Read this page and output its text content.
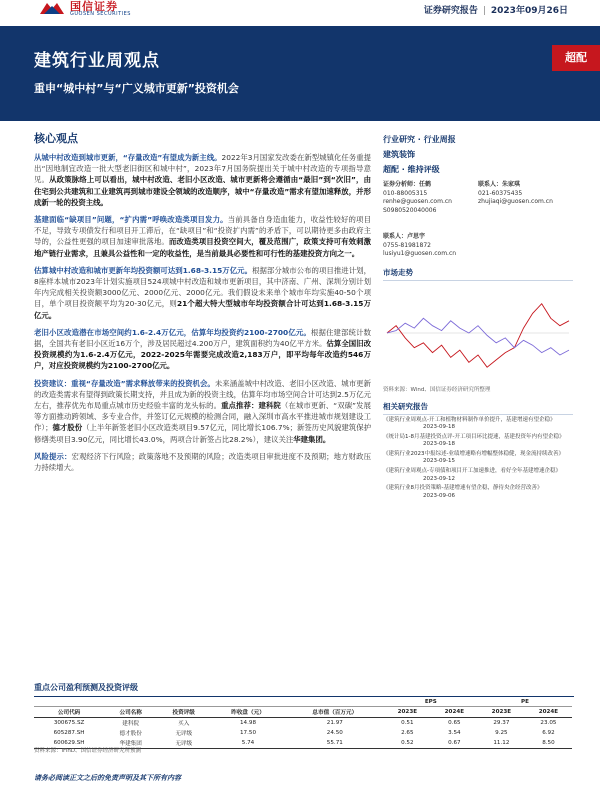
国信证券
GUOSEN SECURITIES	证券研究报告 | 2023年09月26日
建筑行业周观点
重申“城中村”与“广义城市更新”投资机会
超配
核心观点

从城中村改造到城市更新，“存量改造”有望成为新主线。2022年3月国家发改委在新型城镇化任务重提出“因地制宜改造一批大型老旧街区和城中村”，2023年7月国务院提出关于城中村改造的专项指导意见。从政策脉络上可以看出，城中村改造、老旧小区改造、城市更新将会遵循由“最旧”到“次旧”，由住宅到公共建筑和工业建筑再到城市建设全领域的改造顺序，城中“存量改造”需求有望加速释放，并形成新一轮的投资主线。

基建面临“缺项目”问题，“扩内需”呼唤改造类项目发力。当前具备自身造血能力，收益性较好的项目不足，导致专项债发行和项目开工滞后，在“缺项目”和“投资扩内需”的矛盾下，可以期待更多由政府主导的，公益性更强的项目加速审批落地。而改造类项目投资空间大，覆及范围广，政策支持可有效刺激地产链行业需求，且兼具公益性和一定的收益性，是当前最具必要性和可行性的基建投资方向之一。

估算城中村改造和城市更新年均投资额可达到1.68-3.15万亿元。根据部分城市公布的项目推进计划，8座样本城市2023年计划实施项目524项城中村改造和城市更新项目，其中济南、广州、深圳分别计划年内完成相关投资额3000亿元、2000亿元、2000亿元。我们假设未来单个城市年均实施40-50个项目，单个项目投资额平均为20-30亿元，则21个超大特大型城市年均投资额合计可达到1.68-3.15万亿元。

老旧小区改造潜在市场空间约1.6-2.4万亿元，估算年均投资约2100-2700亿元。根据住建部统计数据，全国共有老旧小区近16万个，涉及居民超过4.200万户，建筑面积约为40亿平方米。估算全国旧改投资规模约为1.6-2.4万亿元，2022-2025年需要完成改造2,183万户，即平均每年改造约546万户，对应投资规模约为2100-2700亿元。

投资建议：重视“存量改造”需求释放带来的投资机会。未来涵盖城中村改造、老旧小区改造、城市更新的改造类需求有望得到政策长期支持，并且成为新的投资主线，估算年均市场空间合计可达到2.5万亿元左右，推荐优先布局重点城市历史经验丰富的龙头标的。重点推荐：建科院（在城市更新、“双碳”发展等方面推动跨领域、多专业合作，并签订亿元规模的检测合同，融入深圳市高水平推进城市规划建设工作）；德才股份（上半年新签老旧小区改造类项目9.57亿元，同比增长106.7%；新签历史风貌建筑保护修缮类项目3.90亿元，同比增长43.0%，两项合计新签占比28.2%），建议关注华建集团。

风险提示：宏观经济下行风险；政策落地不及预期的风险；改造类项目审批进度不及预期；地方财政压力持续增大。

行业研究 · 行业周报
建筑装饰
超配 · 维持评级
证券分析师：任鹤
010-88005315
renhe@guosen.com.cn
S0980520040006
联系人：朱家琪
021-60375435
zhujiaqi@guosen.com.cn
联系人：卢思宇
0755-81981872
lusiyu1@guosen.com.cn
市场走势
资料来源：Wind、国信证券经济研究所整理
相关研究报告
《建筑行业周观点-开工和植物材料制作单价提升，基建增速有望企稳》
2023-09-18
《统计局1-8月基建投资点评-开工项目环比提速，基建投资年内有望企稳》
2023-09-18
《建筑行业2023中报综述-业绩增速略有增幅整体稳健，现金流持续改善》
2023-09-15
《建筑行业周观点-专项债和项目开工加速推进，看好全年基建增速企稳》
2023-09-12
《建筑行业8月投资策略-基建增速有望企稳，静待央企经营改善》
2023-09-06
重点公司盈利预测及投资评级
					EPS		PE	
公司代码	公司名称	投资评级	昨收盘（元）	总市值（百万元）	2023E	2024E	2023E	2024E
300675.SZ	建科院	买入	14.98	21.97	0.51	0.65	29.37	23.05
605287.SH	德才股份	无评级	17.50	24.50	2.65	3.54	9.25	6.92
600629.SH	华建集团	无评级	5.74	55.71	0.52	0.67	11.12	8.50
资料来源：iFinD、国信证券经济研究所预测
请务必阅读正文之后的免责声明及其下所有内容
